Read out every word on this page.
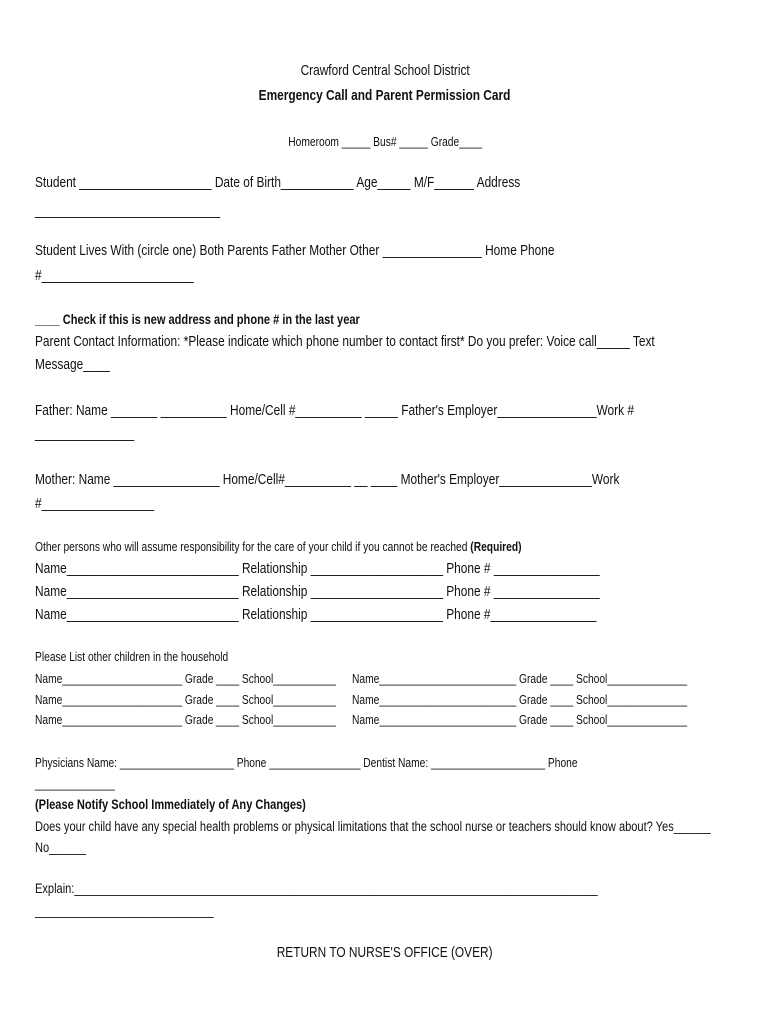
Crawford Central School District
Emergency Call and Parent Permission Card
Homeroom _____ Bus# _____ Grade____
Student ____________________ Date of Birth___________ Age_____ M/F______ Address
____________________________
Student Lives With (circle one) Both Parents Father Mother Other _______________ Home Phone
#_______________________
____ Check if this is new address and phone # in the last year
Parent Contact Information: *Please indicate which phone number to contact first* Do you prefer: Voice call_____ Text
Message____
Father: Name _______ __________ Home/Cell #__________ _____ Father's Employer_______________Work #
_______________
Mother: Name ________________ Home/Cell#__________ __ ____ Mother's Employer______________Work
#_________________
Other persons who will assume responsibility for the care of your child if you cannot be reached (Required)
Name__________________________ Relationship ____________________ Phone # ________________
Name__________________________ Relationship ____________________ Phone # ________________
Name__________________________ Relationship ____________________ Phone #________________
Please List other children in the household
Name_____________________ Grade ____ School___________ Name________________________ Grade ____ School______________
Name_____________________ Grade ____ School___________ Name________________________ Grade ____ School______________
Name_____________________ Grade ____ School___________ Name________________________ Grade ____ School______________
Physicians Name: ____________________ Phone ________________ Dentist Name: ____________________ Phone
______________
(Please Notify School Immediately of Any Changes)
Does your child have any special health problems or physical limitations that the school nurse or teachers should know about? Yes______
No______
Explain:_____________________________________________________________________________________
_____________________________
RETURN TO NURSE'S OFFICE (OVER)
